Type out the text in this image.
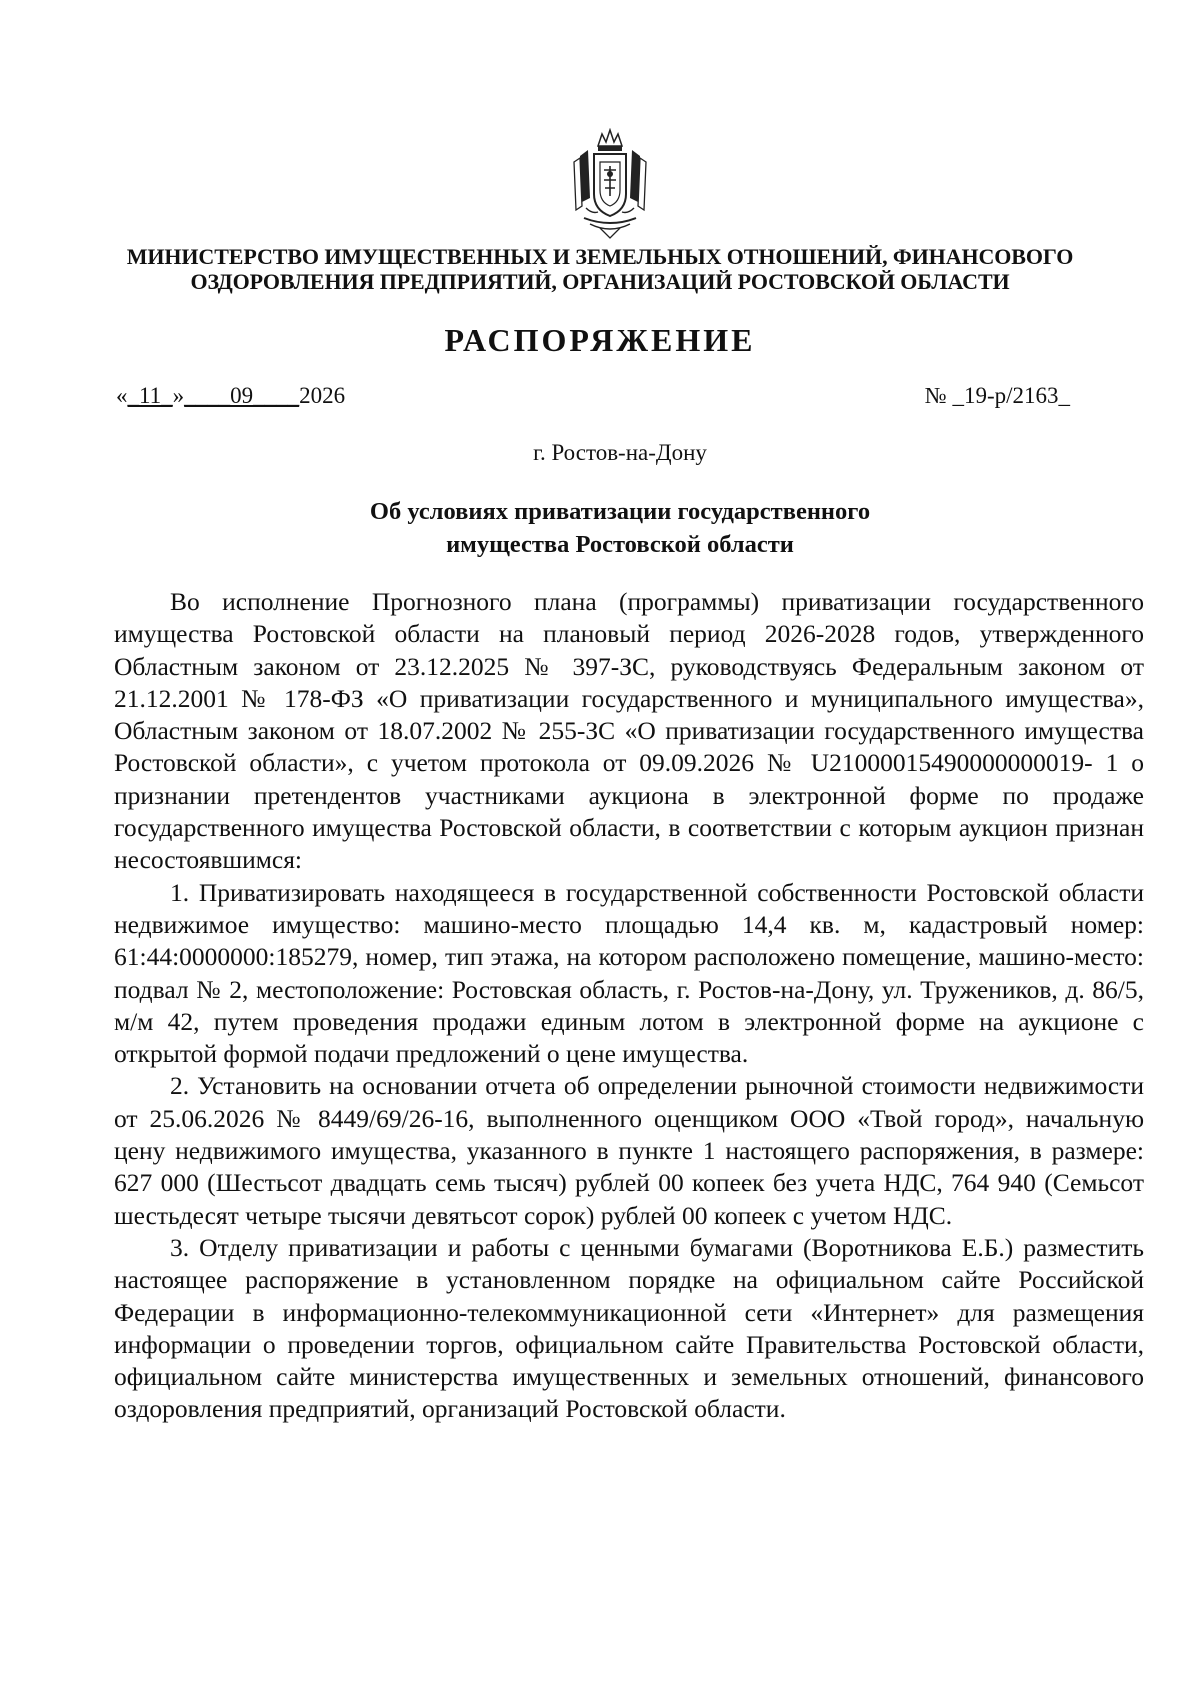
МИНИСТЕРСТВО ИМУЩЕСТВЕННЫХ И ЗЕМЕЛЬНЫХ ОТНОШЕНИЙ, ФИНАНСОВОГО
ОЗДОРОВЛЕНИЯ ПРЕДПРИЯТИЙ, ОРГАНИЗАЦИЙ РОСТОВСКОЙ ОБЛАСТИ
РАСПОРЯЖЕНИЕ
«_11_»____09____2026	№ _19-р/2163_
г. Ростов-на-Дону
Об условиях приватизации государственного
имущества Ростовской области

Во исполнение Прогнозного плана (программы) приватизации государственного имущества Ростовской области на плановый период 2026-2028 годов, утвержденного Областным законом от 23.12.2025 № 397-ЗС, руководствуясь Федеральным законом от 21.12.2001 № 178-ФЗ «О приватизации государственного и муниципального имущества», Областным законом от 18.07.2002 № 255-ЗС «О приватизации государственного имущества Ростовской области», с учетом протокола от 09.09.2026 № U21000015490000000019- 1 о признании претендентов участниками аукциона в электронной форме по продаже государственного имущества Ростовской области, в соответствии с которым аукцион признан несостоявшимся:

1. Приватизировать находящееся в государственной собственности Ростовской области недвижимое имущество: машино-место площадью 14,4 кв. м, кадастровый номер: 61:44:0000000:185279, номер, тип этажа, на котором расположено помещение, машино-место: подвал № 2, местоположение: Ростовская область, г. Ростов-на-Дону, ул. Тружеников, д. 86/5, м/м 42, путем проведения продажи единым лотом в электронной форме на аукционе с открытой формой подачи предложений о цене имущества.

2. Установить на основании отчета об определении рыночной стоимости недвижимости от 25.06.2026 № 8449/69/26-16, выполненного оценщиком ООО «Твой город», начальную цену недвижимого имущества, указанного в пункте 1 настоящего распоряжения, в размере: 627 000 (Шестьсот двадцать семь тысяч) рублей 00 копеек без учета НДС, 764 940 (Семьсот шестьдесят четыре тысячи девятьсот сорок) рублей 00 копеек с учетом НДС.

3. Отделу приватизации и работы с ценными бумагами (Воротникова Е.Б.) разместить настоящее распоряжение в установленном порядке на официальном сайте Российской Федерации в информационно-телекоммуникационной сети «Интернет» для размещения информации о проведении торгов, официальном сайте Правительства Ростовской области, официальном сайте министерства имущественных и земельных отношений, финансового оздоровления предприятий, организаций Ростовской области.
